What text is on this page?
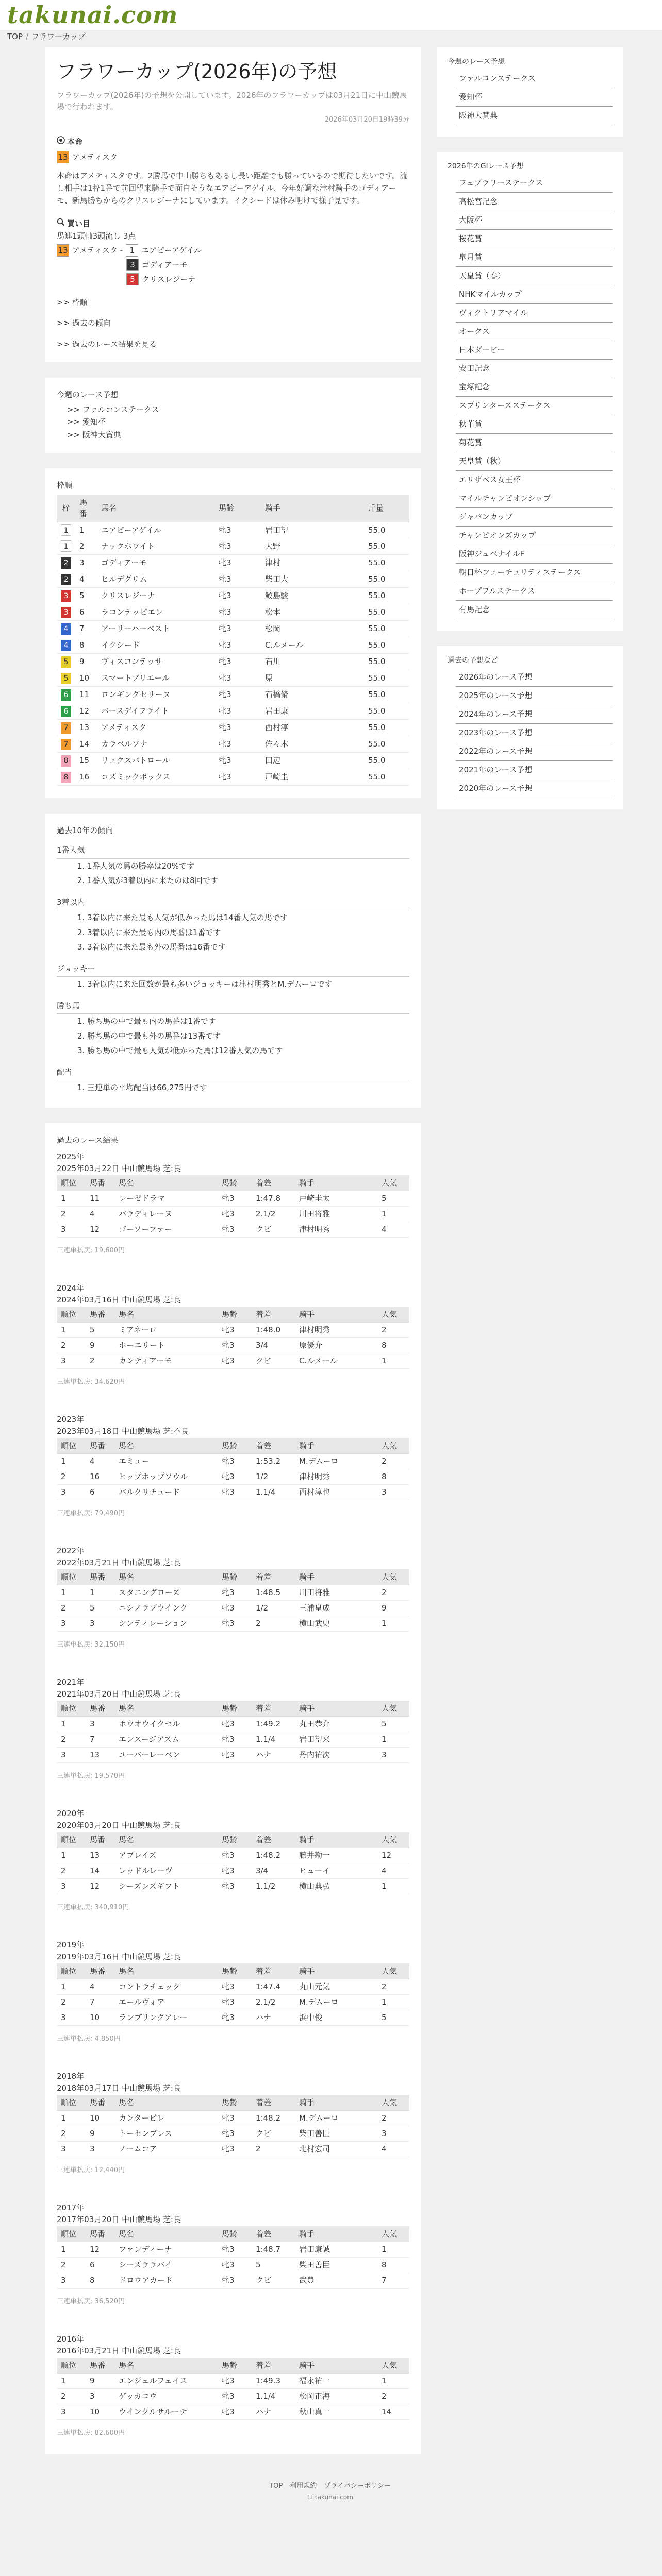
takunai.com
TOP / フラワーカップ
フラワーカップ(2026年)の予想

フラワーカップ(2026年)の予想を公開しています。2026年のフラワーカップは03月21日に中山競馬場で行われます。

2026年03月20日19時39分
本命
13 アメティスタ

本命はアメティスタです。2勝馬で中山勝ちもあるし長い距離でも勝っているので期待したいです。流し相手は1枠1番で前回望来騎手で面白そうなエアピーアゲイル、今年好調な津村騎手のゴディアーモ、新馬勝ちからのクリスレジーナにしています。イクシードは休み明けで様子見です。

買い目
馬連1頭軸3頭流し 3点
13 アメティスタ - 1 エアピーアゲイル
3 ゴディアーモ
5 クリスレジーナ
>> 枠順
>> 過去の傾向
>> 過去のレース結果を見る
今週のレース予想
>> ファルコンステークス
>> 愛知杯
>> 阪神大賞典
枠順
枠	馬番	馬名	馬齢	騎手	斤量
1	1	エアピーアゲイル	牝3	岩田望	55.0
1	2	ナックホワイト	牝3	大野	55.0
2	3	ゴディアーモ	牝3	津村	55.0
2	4	ヒルデグリム	牝3	柴田大	55.0
3	5	クリスレジーナ	牝3	鮫島駿	55.0
3	6	ラコンテッピエン	牝3	松本	55.0
4	7	アーリーハーベスト	牝3	松岡	55.0
4	8	イクシード	牝3	C.ルメール	55.0
5	9	ヴィスコンテッサ	牝3	石川	55.0
5	10	スマートプリエール	牝3	原	55.0
6	11	ロンギングセリーヌ	牝3	石橋脩	55.0
6	12	バースデイフライト	牝3	岩田康	55.0
7	13	アメティスタ	牝3	西村淳	55.0
7	14	カラベルソナ	牝3	佐々木	55.0
8	15	リュクスバトロール	牝3	田辺	55.0
8	16	コズミックボックス	牝3	戸崎圭	55.0
過去10年の傾向
1番人気
1. 1番人気の馬の勝率は20%です
2. 1番人気が3着以内に来たのは8回です
3着以内
1. 3着以内に来た最も人気が低かった馬は14番人気の馬です
2. 3着以内に来た最も内の馬番は1番です
3. 3着以内に来た最も外の馬番は16番です
ジョッキー
1. 3着以内に来た回数が最も多いジョッキーは津村明秀とM.デムーロです
勝ち馬
1. 勝ち馬の中で最も内の馬番は1番です
2. 勝ち馬の中で最も外の馬番は13番です
3. 勝ち馬の中で最も人気が低かった馬は12番人気の馬です
配当
1. 三連単の平均配当は66,275円です
過去のレース結果
2025年
2025年03月22日 中山競馬場 芝:良
順位	馬番	馬名	馬齢	着差	騎手	人気
1	11	レーゼドラマ	牝3	1:47.8	戸崎圭太	5
2	4	パラディレーヌ	牝3	2.1/2	川田将雅	1
3	12	ゴーソーファー	牝3	クビ	津村明秀	4
三連単払戻: 19,600円
2024年
2024年03月16日 中山競馬場 芝:良
順位	馬番	馬名	馬齢	着差	騎手	人気
1	5	ミアネーロ	牝3	1:48.0	津村明秀	2
2	9	ホーエリート	牝3	3/4	原優介	8
3	2	カンティアーモ	牝3	クビ	C.ルメール	1
三連単払戻: 34,620円
2023年
2023年03月18日 中山競馬場 芝:不良
順位	馬番	馬名	馬齢	着差	騎手	人気
1	4	エミュー	牝3	1:53.2	M.デムーロ	2
2	16	ヒップホップソウル	牝3	1/2	津村明秀	8
3	6	パルクリチュード	牝3	1.1/4	西村淳也	3
三連単払戻: 79,490円
2022年
2022年03月21日 中山競馬場 芝:良
順位	馬番	馬名	馬齢	着差	騎手	人気
1	1	スタニングローズ	牝3	1:48.5	川田将雅	2
2	5	ニシノラブウインク	牝3	1/2	三浦皇成	9
3	3	シンティレーション	牝3	2	横山武史	1
三連単払戻: 32,150円
2021年
2021年03月20日 中山競馬場 芝:良
順位	馬番	馬名	馬齢	着差	騎手	人気
1	3	ホウオウイクセル	牝3	1:49.2	丸田恭介	5
2	7	エンスージアズム	牝3	1.1/4	岩田望来	1
3	13	ユーバーレーベン	牝3	ハナ	丹内祐次	3
三連単払戻: 19,570円
2020年
2020年03月20日 中山競馬場 芝:良
順位	馬番	馬名	馬齢	着差	騎手	人気
1	13	アブレイズ	牝3	1:48.2	藤井勘一	12
2	14	レッドルレーヴ	牝3	3/4	ヒューイ	4
3	12	シーズンズギフト	牝3	1.1/2	横山典弘	1
三連単払戻: 340,910円
2019年
2019年03月16日 中山競馬場 芝:良
順位	馬番	馬名	馬齢	着差	騎手	人気
1	4	コントラチェック	牝3	1:47.4	丸山元気	2
2	7	エールヴォア	牝3	2.1/2	M.デムーロ	1
3	10	ランブリングアレー	牝3	ハナ	浜中俊	5
三連単払戻: 4,850円
2018年
2018年03月17日 中山競馬場 芝:良
順位	馬番	馬名	馬齢	着差	騎手	人気
1	10	カンタービレ	牝3	1:48.2	M.デムーロ	2
2	9	トーセンブレス	牝3	クビ	柴田善臣	3
3	3	ノームコア	牝3	2	北村宏司	4
三連単払戻: 12,440円
2017年
2017年03月20日 中山競馬場 芝:良
順位	馬番	馬名	馬齢	着差	騎手	人気
1	12	ファンディーナ	牝3	1:48.7	岩田康誠	1
2	6	シーズララバイ	牝3	5	柴田善臣	8
3	8	ドロウアカード	牝3	クビ	武豊	7
三連単払戻: 36,520円
2016年
2016年03月21日 中山競馬場 芝:良
順位	馬番	馬名	馬齢	着差	騎手	人気
1	9	エンジェルフェイス	牝3	1:49.3	福永祐一	1
2	3	ゲッカコウ	牝3	1.1/4	松岡正海	2
3	10	ウインクルサルーテ	牝3	ハナ	秋山真一	14
三連単払戻: 82,600円
今週のレース予想
ファルコンステークス
愛知杯
阪神大賞典
2026年のGIレース予想
フェブラリーステークス
高松宮記念
大阪杯
桜花賞
皐月賞
天皇賞（春）
NHKマイルカップ
ヴィクトリアマイル
オークス
日本ダービー
安田記念
宝塚記念
スプリンターズステークス
秋華賞
菊花賞
天皇賞（秋）
エリザベス女王杯
マイルチャンピオンシップ
ジャパンカップ
チャンピオンズカップ
阪神ジュベナイルF
朝日杯フューチュリティステークス
ホープフルステークス
有馬記念
過去の予想など
2026年のレース予想
2025年のレース予想
2024年のレース予想
2023年のレース予想
2022年のレース予想
2021年のレース予想
2020年のレース予想
TOP 利用規約 プライバシーポリシー
© takunai.com
